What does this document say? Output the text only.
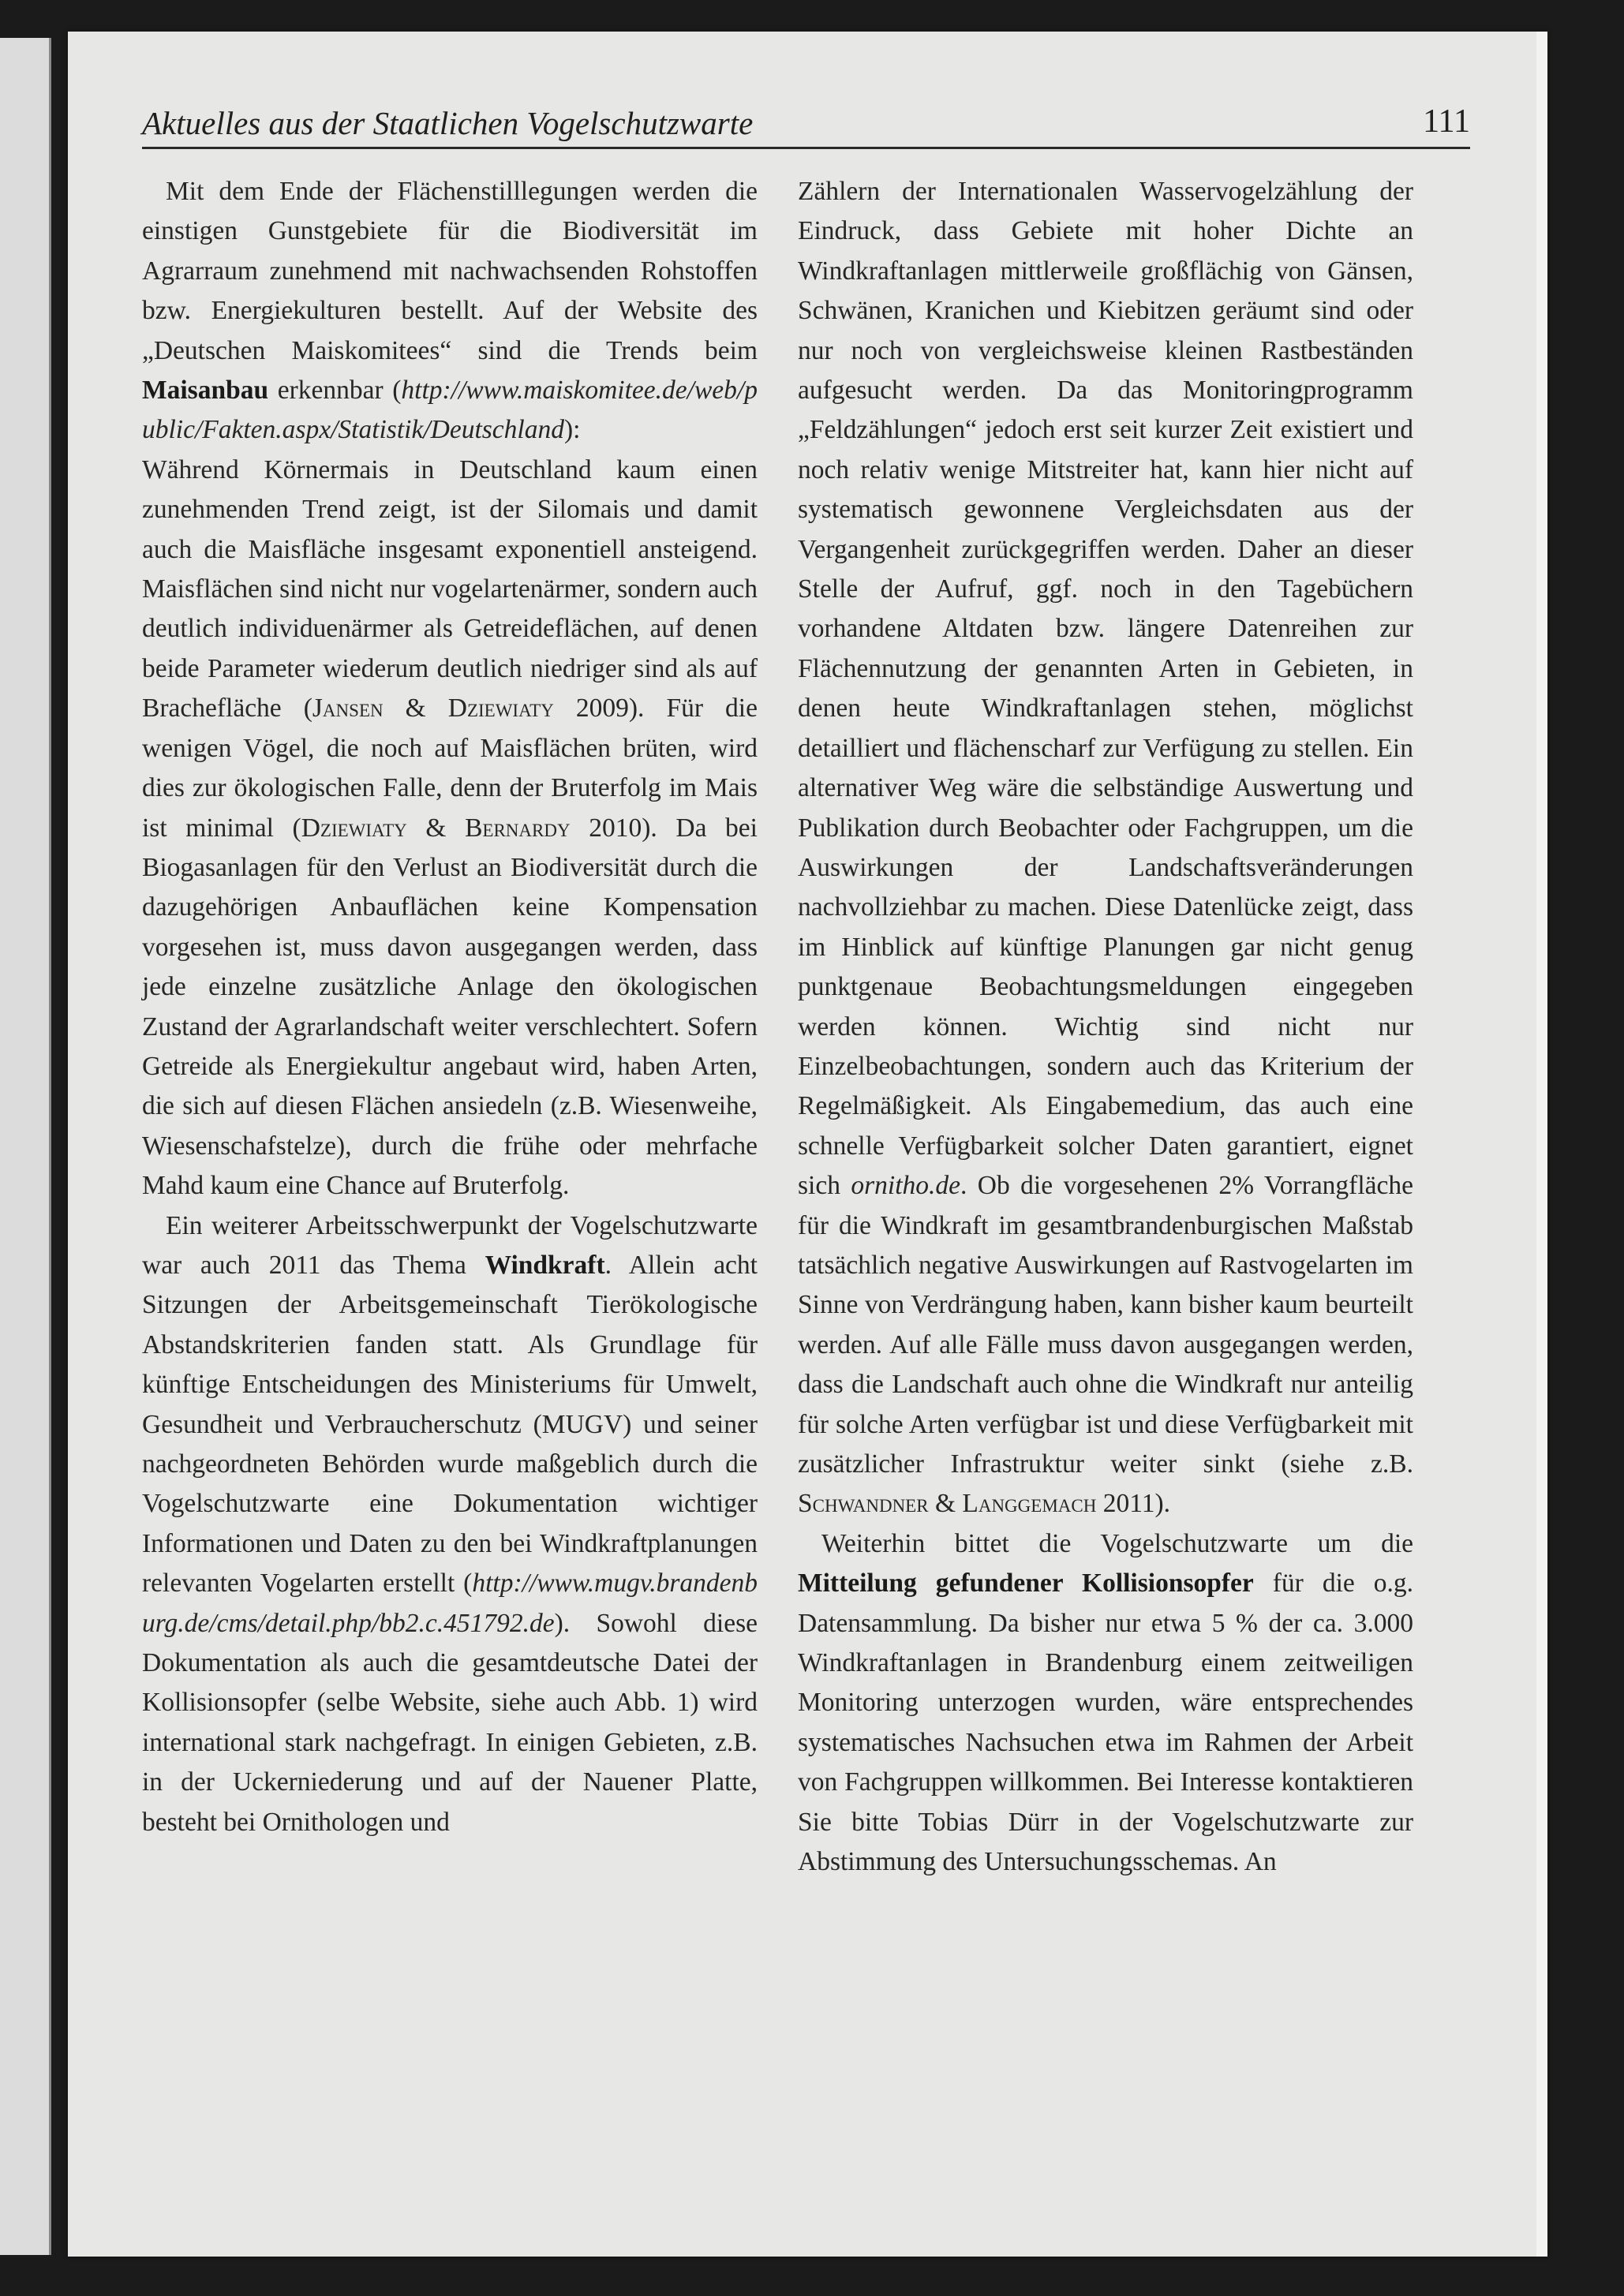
Aktuelles aus der Staatlichen Vogelschutzwarte	111

Mit dem Ende der Flächenstilllegungen werden die einstigen Gunstgebiete für die Biodiversität im Agrarraum zunehmend mit nachwachsenden Rohstoffen bzw. Energiekulturen bestellt. Auf der Website des „Deutschen Maiskomitees“ sind die Trends beim Maisanbau erkennbar (http://www.maiskomitee.de/web/public/Fakten.aspx/Statistik/Deutschland):

Während Körnermais in Deutschland kaum einen zunehmenden Trend zeigt, ist der Silomais und damit auch die Maisfläche insgesamt exponentiell ansteigend. Maisflächen sind nicht nur vogelartenärmer, sondern auch deutlich individuenärmer als Getreideflächen, auf denen beide Parameter wiederum deutlich niedriger sind als auf Brachefläche (Jansen & Dziewiaty 2009). Für die wenigen Vögel, die noch auf Maisflächen brüten, wird dies zur ökologischen Falle, denn der Bruterfolg im Mais ist minimal (Dziewiaty & Bernardy 2010). Da bei Biogasanlagen für den Verlust an Biodiversität durch die dazugehörigen Anbauflächen keine Kompensation vorgesehen ist, muss davon ausgegangen werden, dass jede einzelne zusätzliche Anlage den ökologischen Zustand der Agrarlandschaft weiter verschlechtert. Sofern Getreide als Energiekultur angebaut wird, haben Arten, die sich auf diesen Flächen ansiedeln (z.B. Wiesenweihe, Wiesenschafstelze), durch die frühe oder mehrfache Mahd kaum eine Chance auf Bruterfolg.

Ein weiterer Arbeitsschwerpunkt der Vogelschutzwarte war auch 2011 das Thema Windkraft. Allein acht Sitzungen der Arbeitsgemeinschaft Tierökologische Abstandskriterien fanden statt. Als Grundlage für künftige Entscheidungen des Ministeriums für Umwelt, Gesundheit und Verbraucherschutz (MUGV) und seiner nachgeordneten Behörden wurde maßgeblich durch die Vogelschutzwarte eine Dokumentation wichtiger Informationen und Daten zu den bei Windkraftplanungen relevanten Vogelarten erstellt (http://www.mugv.brandenburg.de/cms/detail.php/bb2.c.451792.de). Sowohl diese Dokumentation als auch die gesamtdeutsche Datei der Kollisionsopfer (selbe Website, siehe auch Abb. 1) wird international stark nachgefragt. In einigen Gebieten, z.B. in der Uckerniederung und auf der Nauener Platte, besteht bei Ornithologen und

Zählern der Internationalen Wasservogelzählung der Eindruck, dass Gebiete mit hoher Dichte an Windkraftanlagen mittlerweile großflächig von Gänsen, Schwänen, Kranichen und Kiebitzen geräumt sind oder nur noch von vergleichsweise kleinen Rastbeständen aufgesucht werden. Da das Monitoringprogramm „Feldzählungen“ jedoch erst seit kurzer Zeit existiert und noch relativ wenige Mitstreiter hat, kann hier nicht auf systematisch gewonnene Vergleichsdaten aus der Vergangenheit zurückgegriffen werden. Daher an dieser Stelle der Aufruf, ggf. noch in den Tagebüchern vorhandene Altdaten bzw. längere Datenreihen zur Flächennutzung der genannten Arten in Gebieten, in denen heute Windkraftanlagen stehen, möglichst detailliert und flächenscharf zur Verfügung zu stellen. Ein alternativer Weg wäre die selbständige Auswertung und Publikation durch Beobachter oder Fachgruppen, um die Auswirkungen der Landschaftsveränderungen nachvollziehbar zu machen. Diese Datenlücke zeigt, dass im Hinblick auf künftige Planungen gar nicht genug punktgenaue Beobachtungsmeldungen eingegeben werden können. Wichtig sind nicht nur Einzelbeobachtungen, sondern auch das Kriterium der Regelmäßigkeit. Als Eingabemedium, das auch eine schnelle Verfügbarkeit solcher Daten garantiert, eignet sich ornitho.de. Ob die vorgesehenen 2% Vorrangfläche für die Windkraft im gesamtbrandenburgischen Maßstab tatsächlich negative Auswirkungen auf Rastvogelarten im Sinne von Verdrängung haben, kann bisher kaum beurteilt werden. Auf alle Fälle muss davon ausgegangen werden, dass die Landschaft auch ohne die Windkraft nur anteilig für solche Arten verfügbar ist und diese Verfügbarkeit mit zusätzlicher Infrastruktur weiter sinkt (siehe z.B. Schwandner & Langgemach 2011).

Weiterhin bittet die Vogelschutzwarte um die Mitteilung gefundener Kollisionsopfer für die o.g. Datensammlung. Da bisher nur etwa 5 % der ca. 3.000 Windkraftanlagen in Brandenburg einem zeitweiligen Monitoring unterzogen wurden, wäre entsprechendes systematisches Nachsuchen etwa im Rahmen der Arbeit von Fachgruppen willkommen. Bei Interesse kontaktieren Sie bitte Tobias Dürr in der Vogelschutzwarte zur Abstimmung des Untersuchungsschemas. An
